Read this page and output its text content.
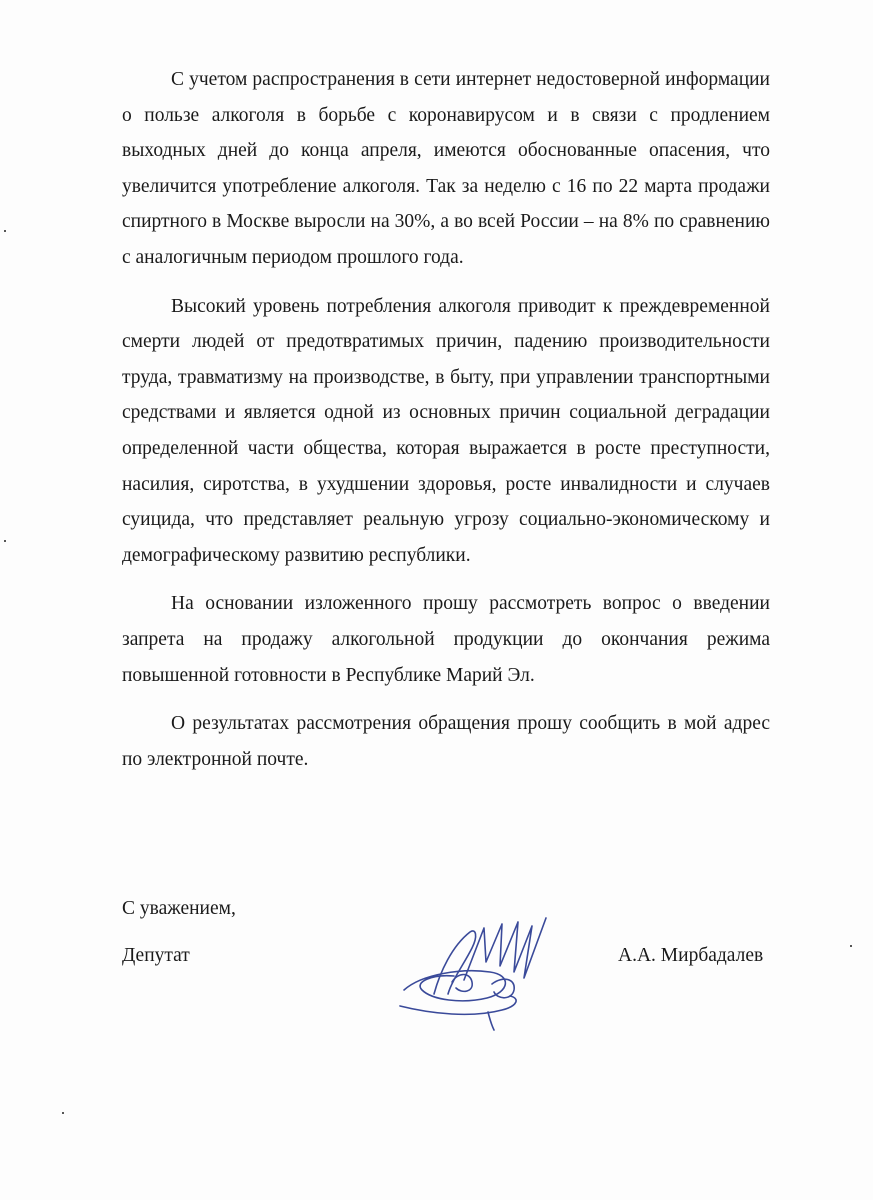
С учетом распространения в сети интернет недостоверной информации о пользе алкоголя в борьбе с коронавирусом и в связи с продлением выходных дней до конца апреля, имеются обоснованные опасения, что увеличится употребление алкоголя. Так за неделю с 16 по 22 марта продажи спиртного в Москве выросли на 30%, а во всей России – на 8% по сравнению с аналогичным периодом прошлого года.

Высокий уровень потребления алкоголя приводит к преждевременной смерти людей от предотвратимых причин, падению производительности труда, травматизму на производстве, в быту, при управлении транспортными средствами и является одной из основных причин социальной деградации определенной части общества, которая выражается в росте преступности, насилия, сиротства, в ухудшении здоровья, росте инвалидности и случаев суицида, что представляет реальную угрозу социально-экономическому и демографическому развитию республики.

На основании изложенного прошу рассмотреть вопрос о введении запрета на продажу алкогольной продукции до окончания режима повышенной готовности в Республике Марий Эл.

О результатах рассмотрения обращения прошу сообщить в мой адрес по электронной почте.

С уважением,
Депутат	А.А. Мирбадалев
